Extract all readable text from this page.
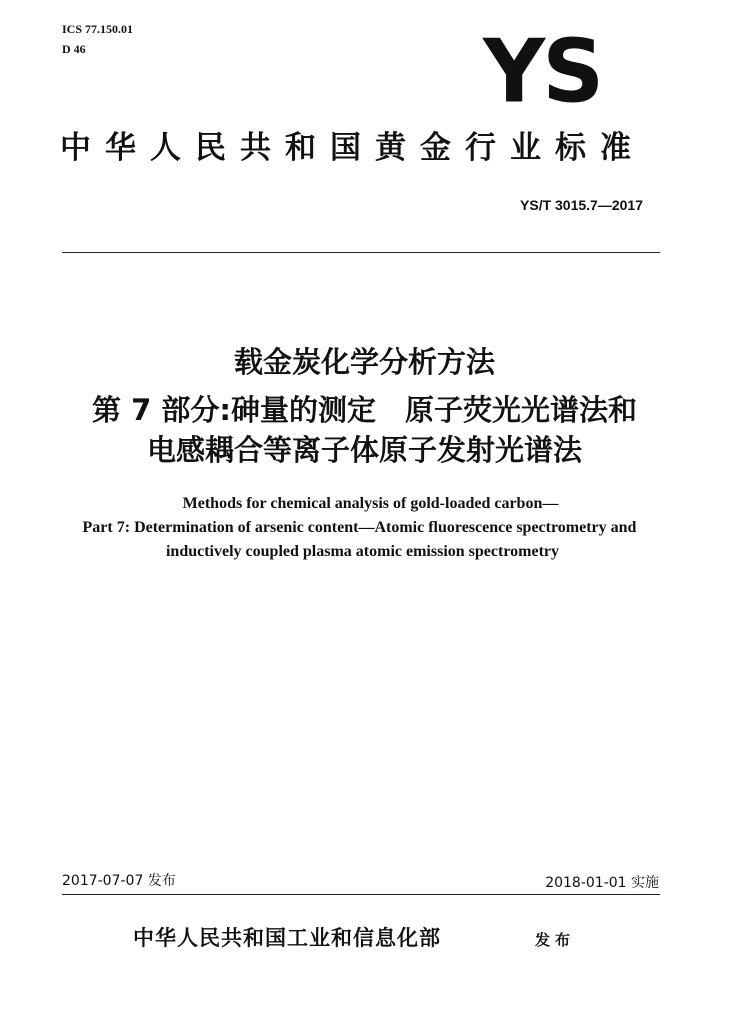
ICS 77.150.01
D 46	YS
中华人民共和国黄金行业标准
YS/T 3015.7—2017
载金炭化学分析方法
第 7 部分:砷量的测定　原子荧光光谱法和
电感耦合等离子体原子发射光谱法
Methods for chemical analysis of gold-loaded carbon—
Part 7: Determination of arsenic content—Atomic fluorescence spectrometry and
inductively coupled plasma atomic emission spectrometry
2017-07-07 发布	2018-01-01 实施
中华人民共和国工业和信息化部	发布
